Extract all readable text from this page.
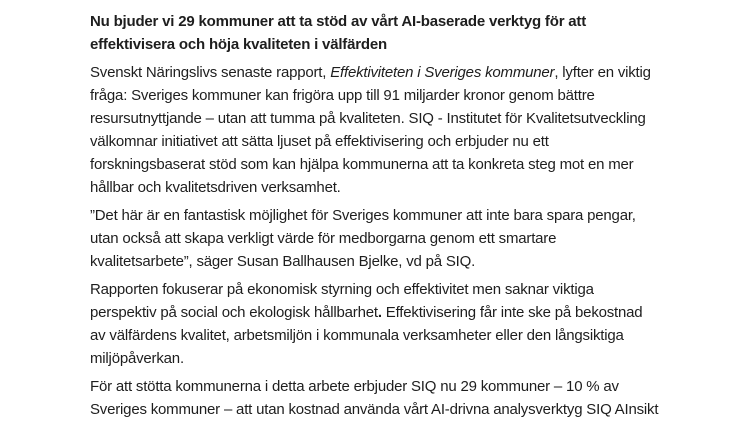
Nu bjuder vi 29 kommuner att ta stöd av vårt AI-baserade verktyg för att
effektivisera och höja kvaliteten i välfärden
Svenskt Näringslivs senaste rapport, Effektiviteten i Sveriges kommuner, lyfter en viktig
fråga: Sveriges kommuner kan frigöra upp till 91 miljarder kronor genom bättre
resursutnyttjande – utan att tumma på kvaliteten. SIQ - Institutet för Kvalitetsutveckling
välkomnar initiativet att sätta ljuset på effektivisering och erbjuder nu ett
forskningsbaserat stöd som kan hjälpa kommunerna att ta konkreta steg mot en mer
hållbar och kvalitetsdriven verksamhet.
”Det här är en fantastisk möjlighet för Sveriges kommuner att inte bara spara pengar,
utan också att skapa verkligt värde för medborgarna genom ett smartare
kvalitetsarbete”, säger Susan Ballhausen Bjelke, vd på SIQ.
Rapporten fokuserar på ekonomisk styrning och effektivitet men saknar viktiga
perspektiv på social och ekologisk hållbarhet. Effektivisering får inte ske på bekostnad
av välfärdens kvalitet, arbetsmiljön i kommunala verksamheter eller den långsiktiga
miljöpåverkan.
För att stötta kommunerna i detta arbete erbjuder SIQ nu 29 kommuner – 10 % av
Sveriges kommuner – att utan kostnad använda vårt AI-drivna analysverktyg SIQ AInsikt
